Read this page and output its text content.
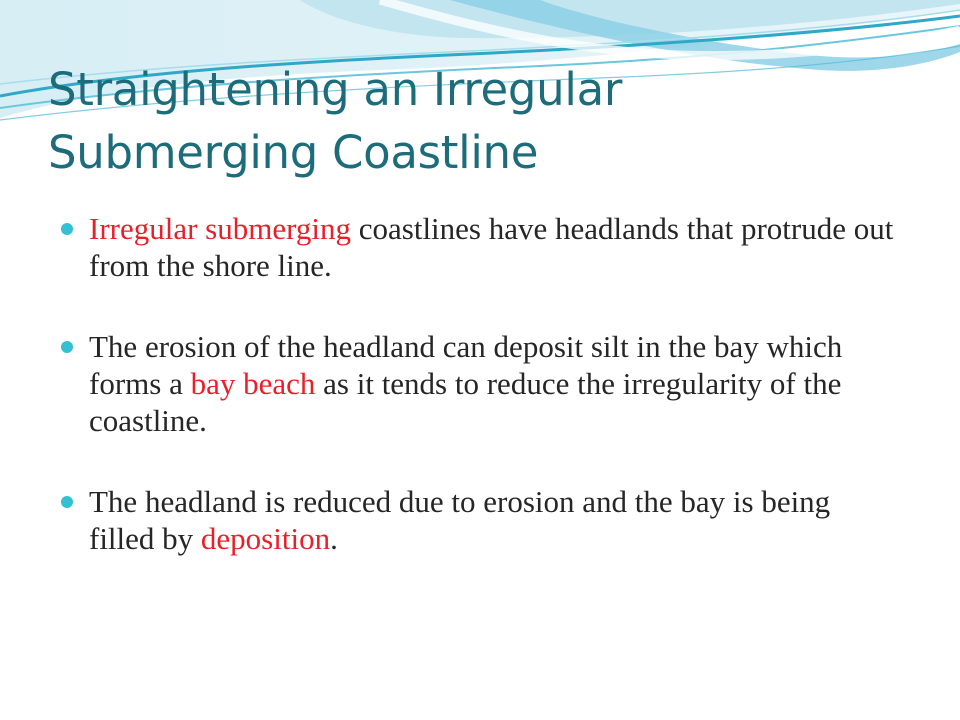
Straightening an Irregular
Submerging Coastline
Irregular submerging coastlines have headlands that protrude out from the shore line.
The erosion of the headland can deposit silt in the bay which forms a bay beach as it tends to reduce the irregularity of the coastline.
The headland is reduced due to erosion and the bay is being filled by deposition.
